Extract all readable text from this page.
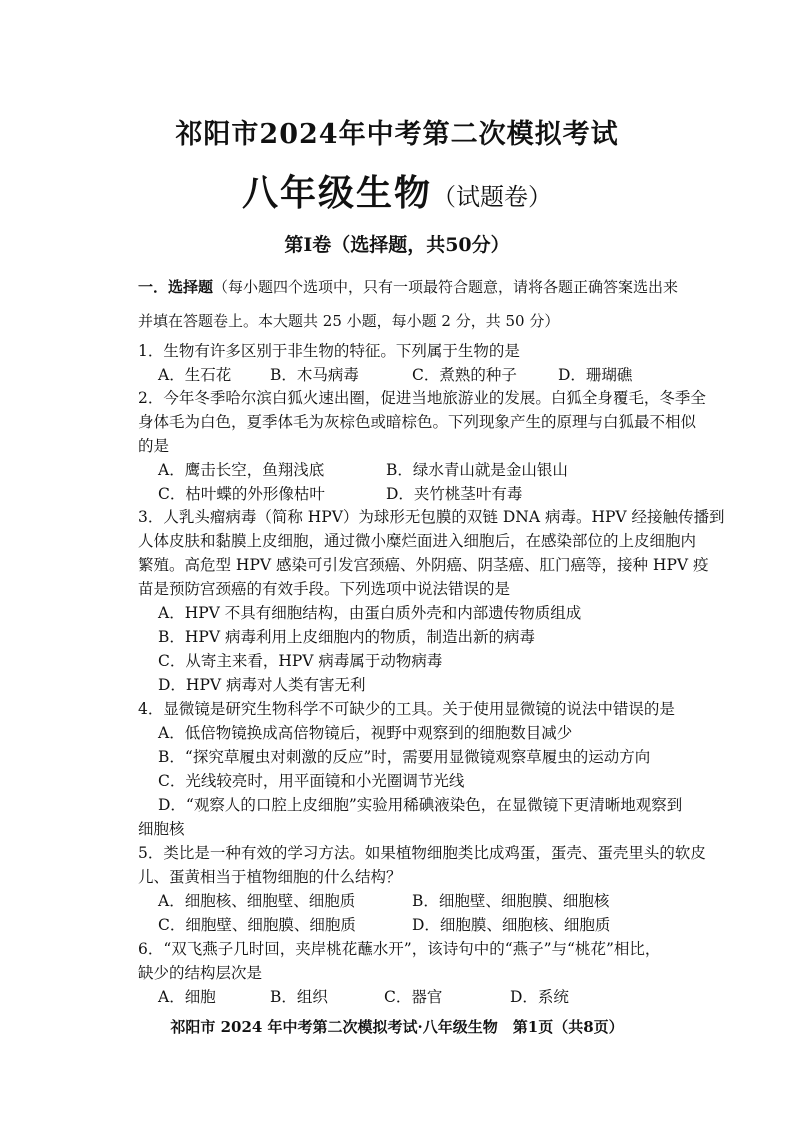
祁阳市2024年中考第二次模拟考试
八年级生物（试题卷）
第Ⅰ卷（选择题，共50分）
一．选择题（每小题四个选项中，只有一项最符合题意，请将各题正确答案选出来
并填在答题卷上。本大题共 25 小题，每小题 2 分，共 50 分）
1．生物有许多区别于非生物的特征。下列属于生物的是
A．生石花	B．木马病毒	C．煮熟的种子	D．珊瑚礁
2．今年冬季哈尔滨白狐火速出圈，促进当地旅游业的发展。白狐全身覆毛，冬季全
身体毛为白色，夏季体毛为灰棕色或暗棕色。下列现象产生的原理与白狐最不相似
的是
A．鹰击长空，鱼翔浅底	B．绿水青山就是金山银山
C．枯叶蝶的外形像枯叶	D．夹竹桃茎叶有毒
3．人乳头瘤病毒（简称 HPV）为球形无包膜的双链 DNA 病毒。HPV 经接触传播到
人体皮肤和黏膜上皮细胞，通过微小糜烂面进入细胞后，在感染部位的上皮细胞内
繁殖。高危型 HPV 感染可引发宫颈癌、外阴癌、阴茎癌、肛门癌等，接种 HPV 疫
苗是预防宫颈癌的有效手段。下列选项中说法错误的是
A．HPV 不具有细胞结构，由蛋白质外壳和内部遗传物质组成
B．HPV 病毒利用上皮细胞内的物质，制造出新的病毒
C．从寄主来看，HPV 病毒属于动物病毒
D．HPV 病毒对人类有害无利
4．显微镜是研究生物科学不可缺少的工具。关于使用显微镜的说法中错误的是
A．低倍物镜换成高倍物镜后，视野中观察到的细胞数目减少
B．“探究草履虫对刺激的反应”时，需要用显微镜观察草履虫的运动方向
C．光线较亮时，用平面镜和小光圈调节光线
D．“观察人的口腔上皮细胞”实验用稀碘液染色，在显微镜下更清晰地观察到
细胞核
5．类比是一种有效的学习方法。如果植物细胞类比成鸡蛋，蛋壳、蛋壳里头的软皮
儿、蛋黄相当于植物细胞的什么结构？
A．细胞核、细胞壁、细胞质	B．细胞壁、细胞膜、细胞核
C．细胞壁、细胞膜、细胞质	D．细胞膜、细胞核、细胞质
6．“双飞燕子几时回，夹岸桃花蘸水开”，该诗句中的“燕子”与“桃花”相比，
缺少的结构层次是
A．细胞	B．组织	C．器官	D．系统
祁阳市 2024 年中考第二次模拟考试·八年级生物　第1页（共8页）
